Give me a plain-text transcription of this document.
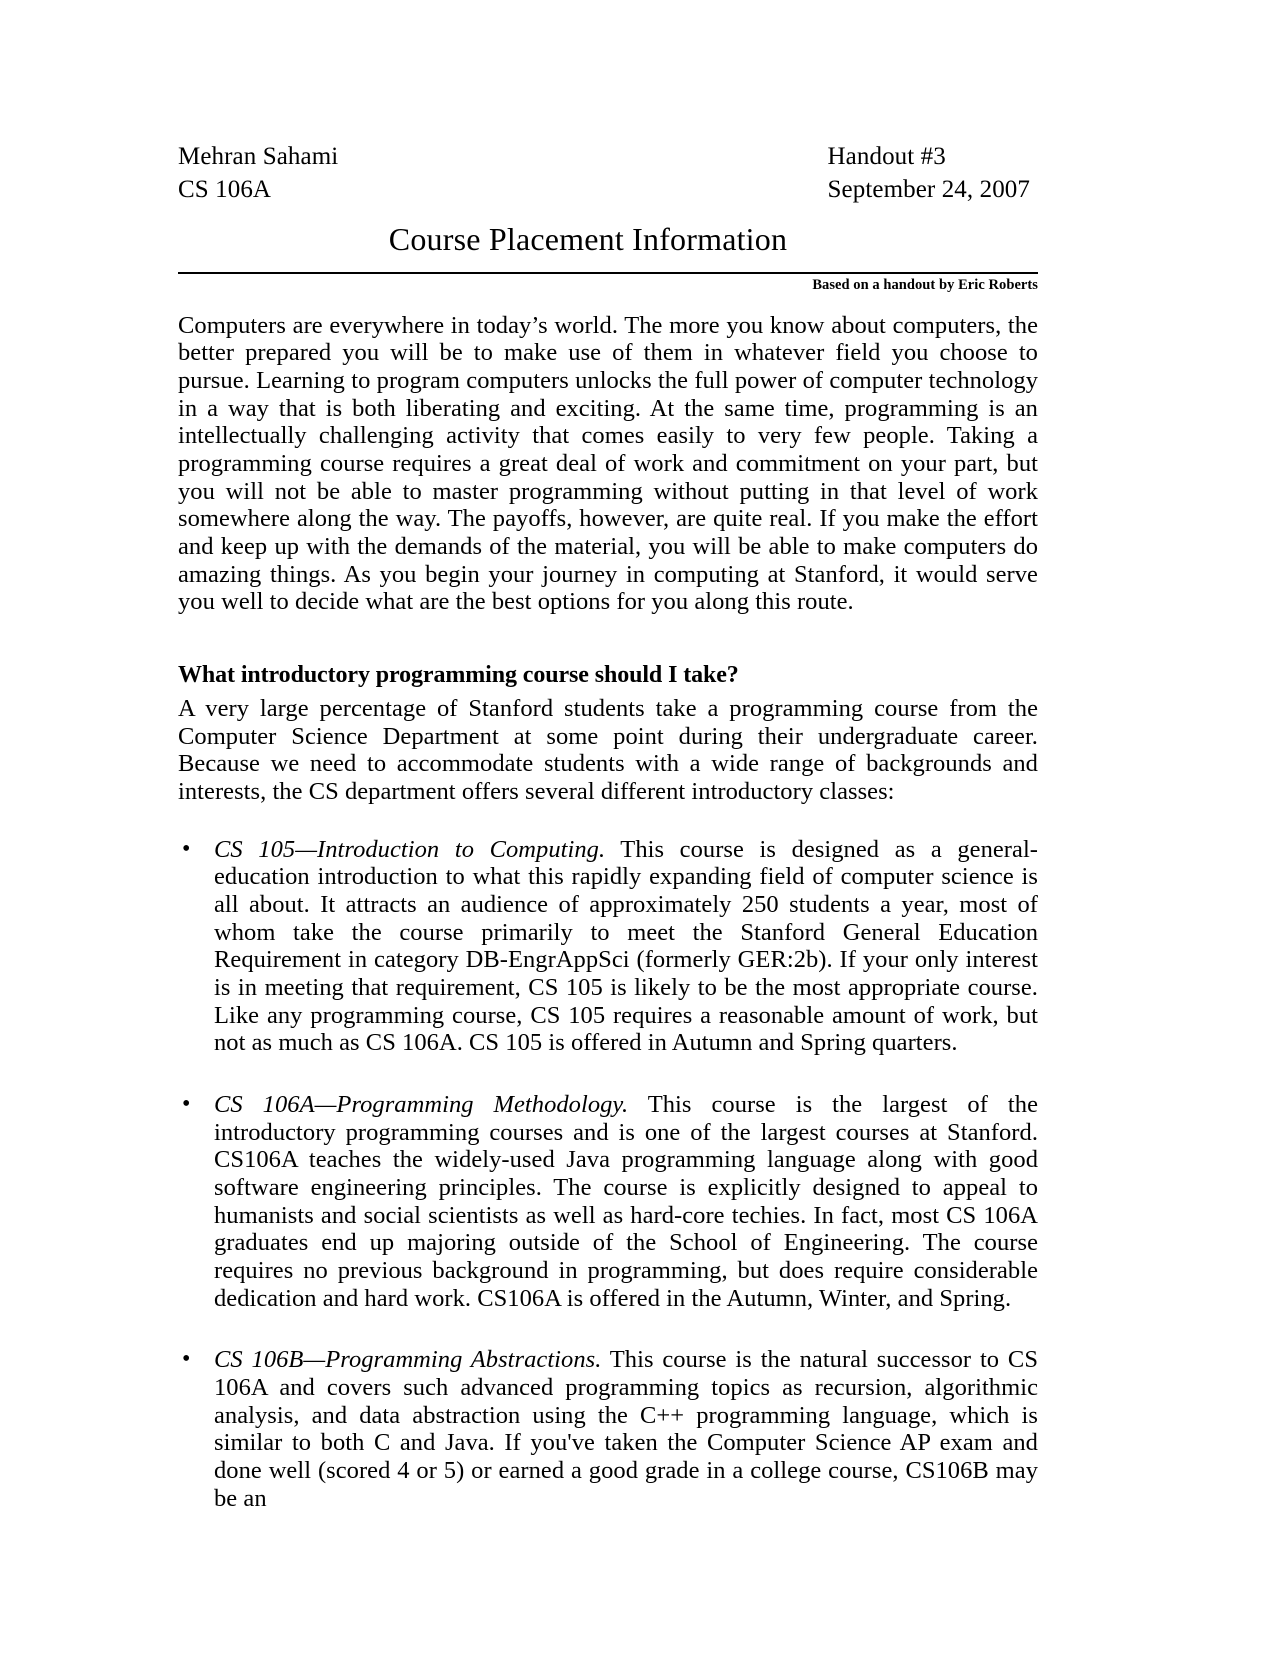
Mehran Sahami
CS 106A
Handout #3
September 24, 2007
Course Placement Information
Based on a handout by Eric Roberts

Computers are everywhere in today’s world. The more you know about computers, the better prepared you will be to make use of them in whatever field you choose to pursue. Learning to program computers unlocks the full power of computer technology in a way that is both liberating and exciting. At the same time, programming is an intellectually challenging activity that comes easily to very few people. Taking a programming course requires a great deal of work and commitment on your part, but you will not be able to master programming without putting in that level of work somewhere along the way. The payoffs, however, are quite real. If you make the effort and keep up with the demands of the material, you will be able to make computers do amazing things. As you begin your journey in computing at Stanford, it would serve you well to decide what are the best options for you along this route.

What introductory programming course should I take?

A very large percentage of Stanford students take a programming course from the Computer Science Department at some point during their undergraduate career. Because we need to accommodate students with a wide range of backgrounds and interests, the CS department offers several different introductory classes:

• CS 105—Introduction to Computing. This course is designed as a general-education introduction to what this rapidly expanding field of computer science is all about. It attracts an audience of approximately 250 students a year, most of whom take the course primarily to meet the Stanford General Education Requirement in category DB-EngrAppSci (formerly GER:2b). If your only interest is in meeting that requirement, CS 105 is likely to be the most appropriate course. Like any programming course, CS 105 requires a reasonable amount of work, but not as much as CS 106A. CS 105 is offered in Autumn and Spring quarters.
• CS 106A—Programming Methodology. This course is the largest of the introductory programming courses and is one of the largest courses at Stanford. CS106A teaches the widely-used Java programming language along with good software engineering principles. The course is explicitly designed to appeal to humanists and social scientists as well as hard-core techies. In fact, most CS 106A graduates end up majoring outside of the School of Engineering. The course requires no previous background in programming, but does require considerable dedication and hard work. CS106A is offered in the Autumn, Winter, and Spring.
• CS 106B—Programming Abstractions. This course is the natural successor to CS 106A and covers such advanced programming topics as recursion, algorithmic analysis, and data abstraction using the C++ programming language, which is similar to both C and Java. If you've taken the Computer Science AP exam and done well (scored 4 or 5) or earned a good grade in a college course, CS106B may be an
